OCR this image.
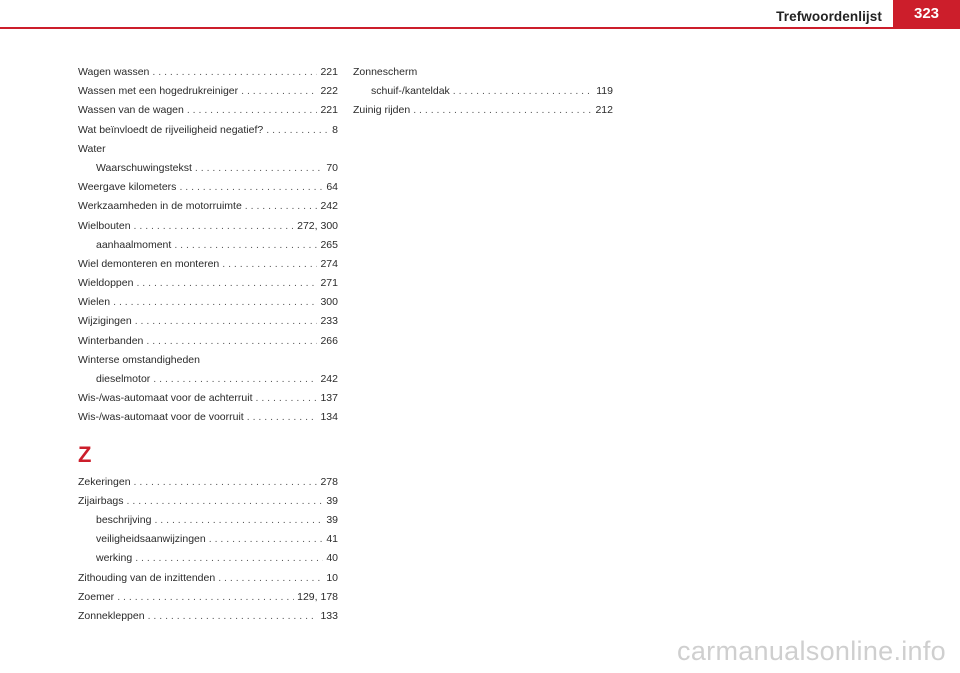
Trefwoordenlijst	323
Wagen wassen . . .	221
Wassen met een hogedrukreiniger . . .	222
Wassen van de wagen . . .	221
Wat beïnvloedt de rijveiligheid negatief? . . .	8
Water
Waarschuwingstekst . . .	70
Weergave kilometers . . .	64
Werkzaamheden in de motorruimte . . .	242
Wielbouten . . .	272, 300
aanhaalmoment . . .	265
Wiel demonteren en monteren . . .	274
Wieldoppen . . .	271
Wielen . . .	300
Wijzigingen . . .	233
Winterbanden . . .	266
Winterse omstandigheden
dieselmotor . . .	242
Wis-/was-automaat voor de achterruit . . .	137
Wis-/was-automaat voor de voorruit . . .	134
Z
Zekeringen . . .	278
Zijairbags . . .	39
beschrijving . . .	39
veiligheidsaanwijzingen . . .	41
werking . . .	40
Zithouding van de inzittenden . . .	10
Zoemer . . .	129, 178
Zonnekleppen . . .	133
Zonnescherm
schuif-/kanteldak . . .	119
Zuinig rijden . . .	212
carmanualsonline.info
